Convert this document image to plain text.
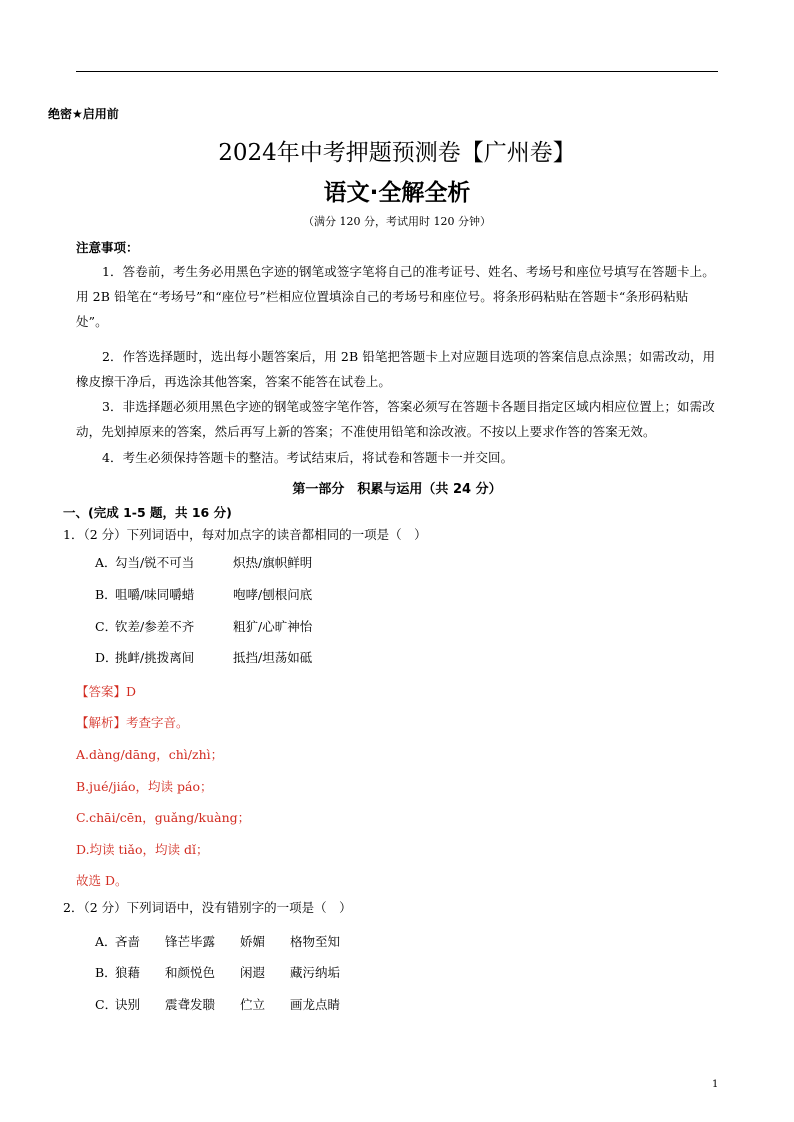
绝密★启用前
2024年中考押题预测卷【广州卷】
语文·全解全析
（满分 120 分，考试用时 120 分钟）
注意事项：
1．答卷前，考生务必用黑色字迹的钢笔或签字笔将自己的准考证号、姓名、考场号和座位号填写在答题卡上。用 2B 铅笔在“考场号”和“座位号”栏相应位置填涂自己的考场号和座位号。将条形码粘贴在答题卡“条形码粘贴处”。
2．作答选择题时，选出每小题答案后，用 2B 铅笔把答题卡上对应题目选项的答案信息点涂黑；如需改动，用橡皮擦干净后，再选涂其他答案，答案不能答在试卷上。
3．非选择题必须用黑色字迹的钢笔或签字笔作答，答案必须写在答题卡各题目指定区域内相应位置上；如需改动，先划掉原来的答案，然后再写上新的答案；不准使用铅笔和涂改液。不按以上要求作答的答案无效。
4．考生必须保持答题卡的整洁。考试结束后，将试卷和答题卡一并交回。
第一部分　积累与运用（共 24 分）
一、(完成 1-5 题，共 16 分)
1．（2 分）下列词语中，每对加点字的读音都相同的一项是（　）
A．勾当/锐不可当	炽热/旗帜鲜明
B．咀嚼/味同嚼蜡	咆哮/刨根问底
C．钦差/参差不齐	粗犷/心旷神怡
D．挑衅/挑拨离间	抵挡/坦荡如砥
【答案】D
【解析】考查字音。
A.dàng/dāng，chì/zhì；
B.jué/jiáo，均读 páo；
C.chāi/cēn，guǎng/kuàng；
D.均读 tiǎo，均读 dǐ；
故选 D。
2．（2 分）下列词语中，没有错别字的一项是（　）
A．吝啬　　锋芒毕露　　娇媚　　格物至知
B．狼藉　　和颜悦色　　闲遐　　藏污纳垢
C．诀别　　震聋发聩　　伫立　　画龙点睛
1
